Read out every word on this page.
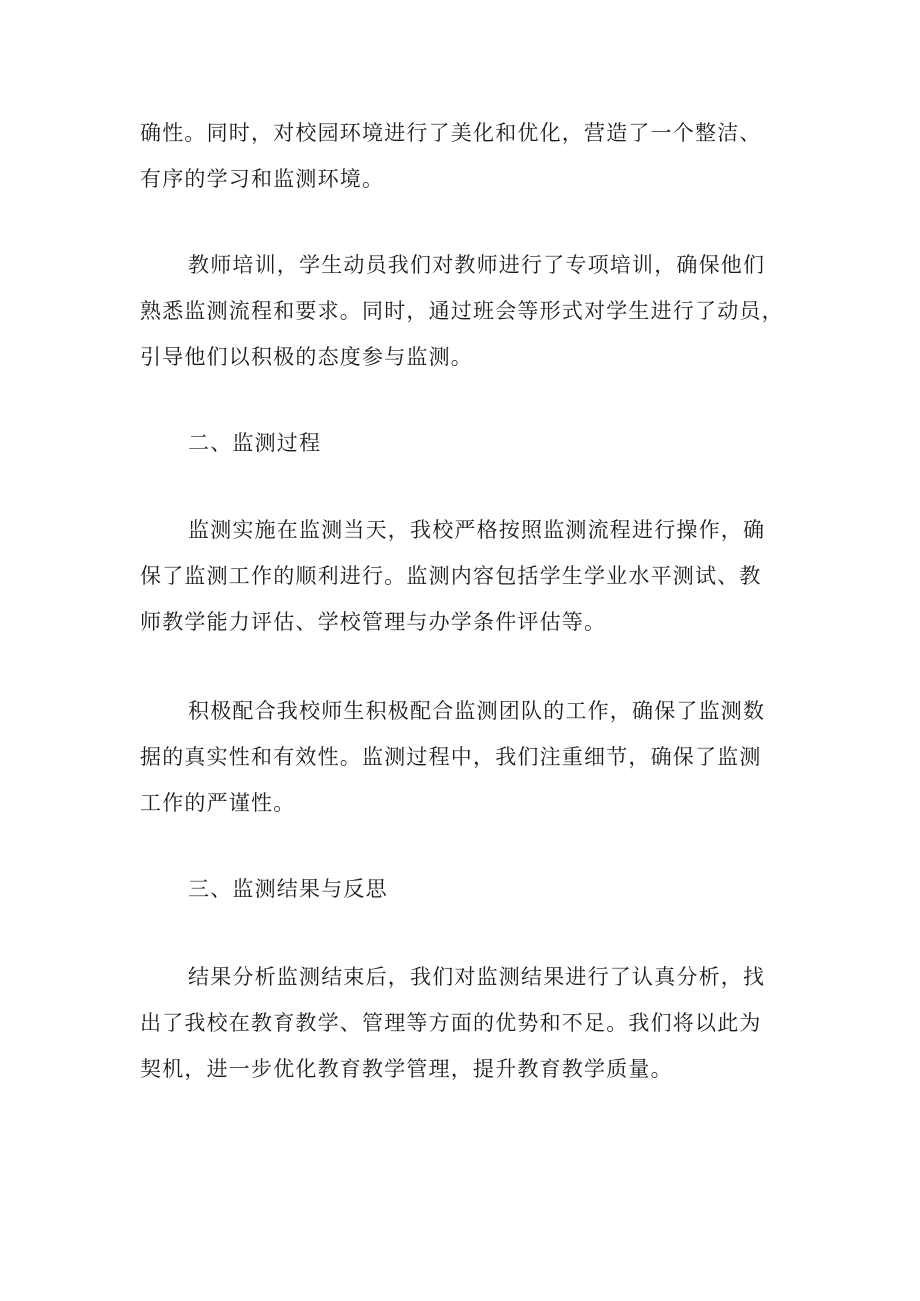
确性。同时，对校园环境进行了美化和优化，营造了一个整洁、
有序的学习和监测环境。
教师培训，学生动员我们对教师进行了专项培训，确保他们
熟悉监测流程和要求。同时，通过班会等形式对学生进行了动员，
引导他们以积极的态度参与监测。
二、监测过程
监测实施在监测当天，我校严格按照监测流程进行操作，确
保了监测工作的顺利进行。监测内容包括学生学业水平测试、教
师教学能力评估、学校管理与办学条件评估等。
积极配合我校师生积极配合监测团队的工作，确保了监测数
据的真实性和有效性。监测过程中，我们注重细节，确保了监测
工作的严谨性。
三、监测结果与反思
结果分析监测结束后，我们对监测结果进行了认真分析，找
出了我校在教育教学、管理等方面的优势和不足。我们将以此为
契机，进一步优化教育教学管理，提升教育教学质量。
